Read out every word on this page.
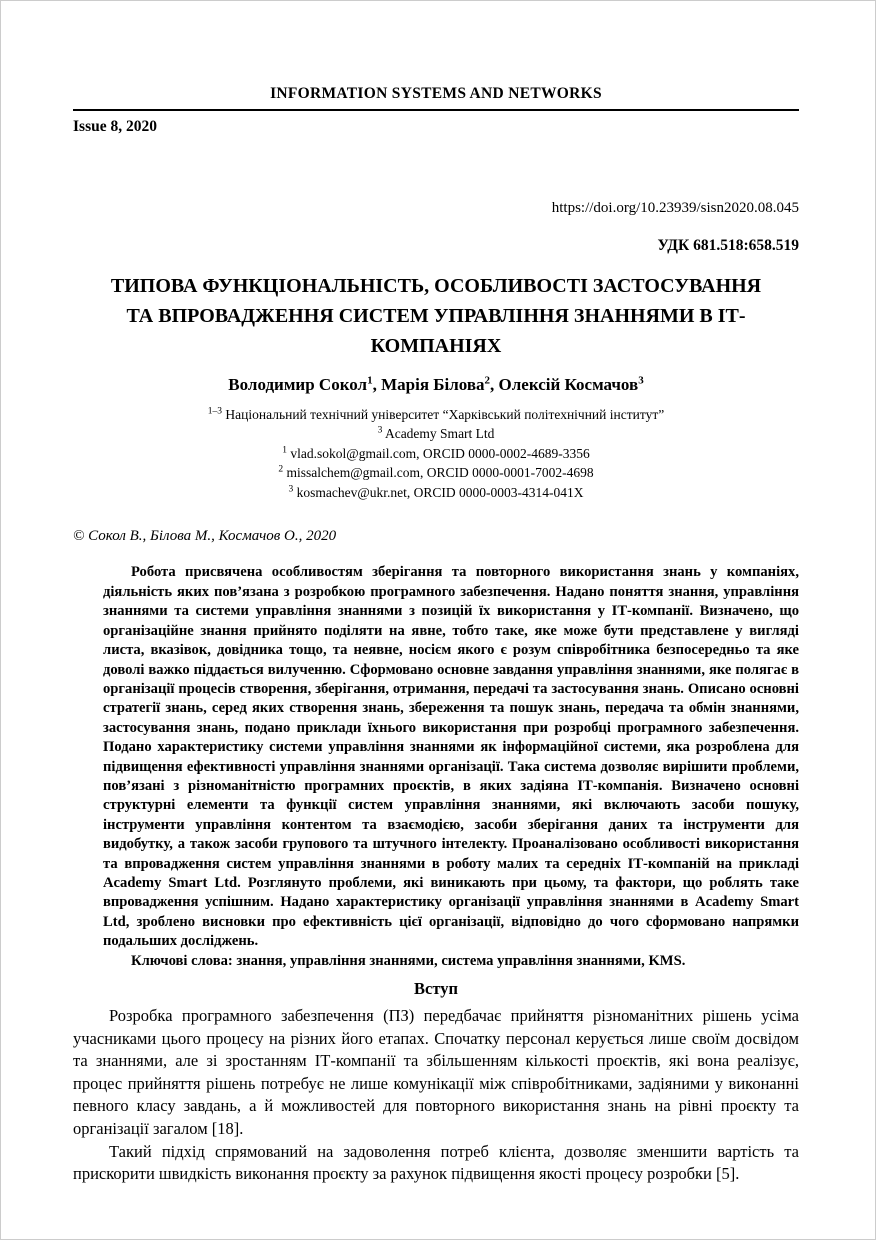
INFORMATION SYSTEMS AND NETWORKS
Issue 8, 2020
https://doi.org/10.23939/sisn2020.08.045
УДК 681.518:658.519
ТИПОВА ФУНКЦІОНАЛЬНІСТЬ, ОСОБЛИВОСТІ ЗАСТОСУВАННЯ ТА ВПРОВАДЖЕННЯ СИСТЕМ УПРАВЛІННЯ ЗНАННЯМИ В ІТ-КОМПАНІЯХ
Володимир Сокол$^1$, Марія Білова$^2$, Олексій Космачов$^3$
$^{1-3}$ Національний технічний університет “Харківський політехнічний інститут”
$^3$ Academy Smart Ltd
$^1$ vlad.sokol@gmail.com, ORCID 0000-0002-4689-3356
$^2$ missalchem@gmail.com, ORCID 0000-0001-7002-4698
$^3$ kosmachev@ukr.net, ORCID 0000-0003-4314-041X
© Сокол В., Білова М., Космачов О., 2020
Робота присвячена особливостям зберігання та повторного використання знань у компаніях, діяльність яких пов’язана з розробкою програмного забезпечення. Надано поняття знання, управління знаннями та системи управління знаннями з позицій їх використання у ІТ-компанії. Визначено, що організаційне знання прийнято поділяти на явне, тобто таке, яке може бути представлене у вигляді листа, вказівок, довідника тощо, та неявне, носієм якого є розум співробітника безпосередньо та яке доволі важко піддається вилученню. Сформовано основне завдання управління знаннями, яке полягає в організації процесів створення, зберігання, отримання, передачі та застосування знань. Описано основні стратегії знань, серед яких створення знань, збереження та пошук знань, передача та обмін знаннями, застосування знань, подано приклади їхнього використання при розробці програмного забезпечення. Подано характеристику системи управління знаннями як інформаційної системи, яка розроблена для підвищення ефективності управління знаннями організації. Така система дозволяє вирішити проблеми, пов’язані з різноманітністю програмних проєктів, в яких задіяна ІТ-компанія. Визначено основні структурні елементи та функції систем управління знаннями, які включають засоби пошуку, інструменти управління контентом та взаємодією, засоби зберігання даних та інструменти для видобутку, а також засоби групового та штучного інтелекту. Проаналізовано особливості використання та впровадження систем управління знаннями в роботу малих та середніх ІТ-компаній на прикладі Academy Smart Ltd. Розглянуто проблеми, які виникають при цьому, та фактори, що роблять таке впровадження успішним. Надано характеристику організації управління знаннями в Academy Smart Ltd, зроблено висновки про ефективність цієї організації, відповідно до чого сформовано напрямки подальших досліджень.
Ключові слова: знання, управління знаннями, система управління знаннями, KMS.
Вступ

Розробка програмного забезпечення (ПЗ) передбачає прийняття різноманітних рішень усіма учасниками цього процесу на різних його етапах. Спочатку персонал керується лише своїм досвідом та знаннями, але зі зростанням ІТ-компанії та збільшенням кількості проєктів, які вона реалізує, процес прийняття рішень потребує не лише комунікації між співробітниками, задіяними у виконанні певного класу завдань, а й можливостей для повторного використання знань на рівні проєкту та організації загалом [18].

Такий підхід спрямований на задоволення потреб клієнта, дозволяє зменшити вартість та прискорити швидкість виконання проєкту за рахунок підвищення якості процесу розробки [5].
